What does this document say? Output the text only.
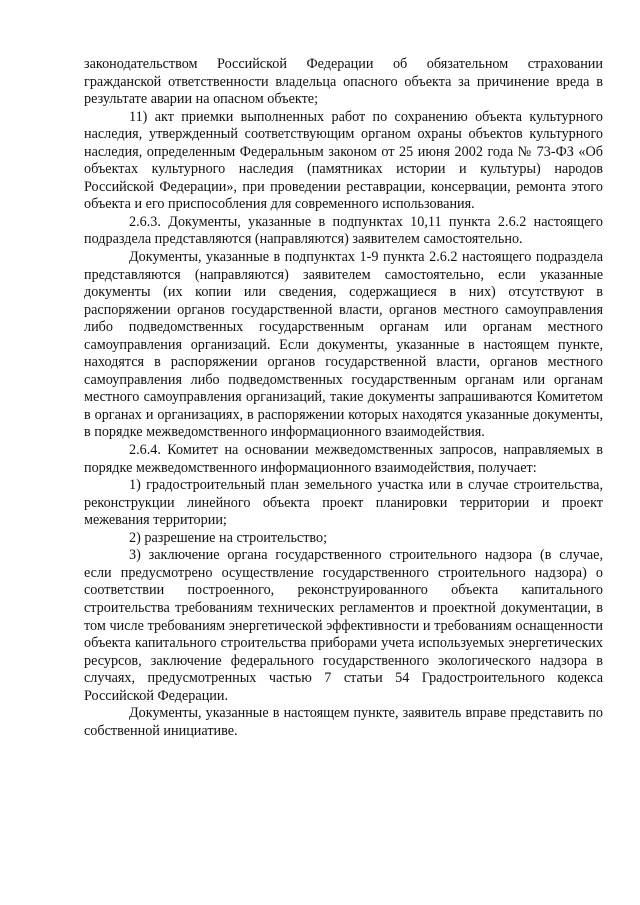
законодательством Российской Федерации об обязательном страховании гражданской ответственности владельца опасного объекта за причинение вреда в результате аварии на опасном объекте;

11) акт приемки выполненных работ по сохранению объекта культурного наследия, утвержденный соответствующим органом охраны объектов культурного наследия, определенным Федеральным законом от 25 июня 2002 года № 73-ФЗ «Об объектах культурного наследия (памятниках истории и культуры) народов Российской Федерации», при проведении реставрации, консервации, ремонта этого объекта и его приспособления для современного использования.

2.6.3. Документы, указанные в подпунктах 10,11 пункта 2.6.2 настоящего подраздела представляются (направляются) заявителем самостоятельно.

Документы, указанные в подпунктах 1-9 пункта 2.6.2 настоящего подраздела представляются (направляются) заявителем самостоятельно, если указанные документы (их копии или сведения, содержащиеся в них) отсутствуют в распоряжении органов государственной власти, органов местного самоуправления либо подведомственных государственным органам или органам местного самоуправления организаций. Если документы, указанные в настоящем пункте, находятся в распоряжении органов государственной власти, органов местного самоуправления либо подведомственных государственным органам или органам местного самоуправления организаций, такие документы запрашиваются Комитетом в органах и организациях, в распоряжении которых находятся указанные документы, в порядке межведомственного информационного взаимодействия.

2.6.4. Комитет на основании межведомственных запросов, направляемых в порядке межведомственного информационного взаимодействия, получает:

1) градостроительный план земельного участка или в случае строительства, реконструкции линейного объекта проект планировки территории и проект межевания территории;

2) разрешение на строительство;

3) заключение органа государственного строительного надзора (в случае, если предусмотрено осуществление государственного строительного надзора) о соответствии построенного, реконструированного объекта капитального строительства требованиям технических регламентов и проектной документации, в том числе требованиям энергетической эффективности и требованиям оснащенности объекта капитального строительства приборами учета используемых энергетических ресурсов, заключение федерального государственного экологического надзора в случаях, предусмотренных частью 7 статьи 54 Градостроительного кодекса Российской Федерации.

Документы, указанные в настоящем пункте, заявитель вправе представить по собственной инициативе.
